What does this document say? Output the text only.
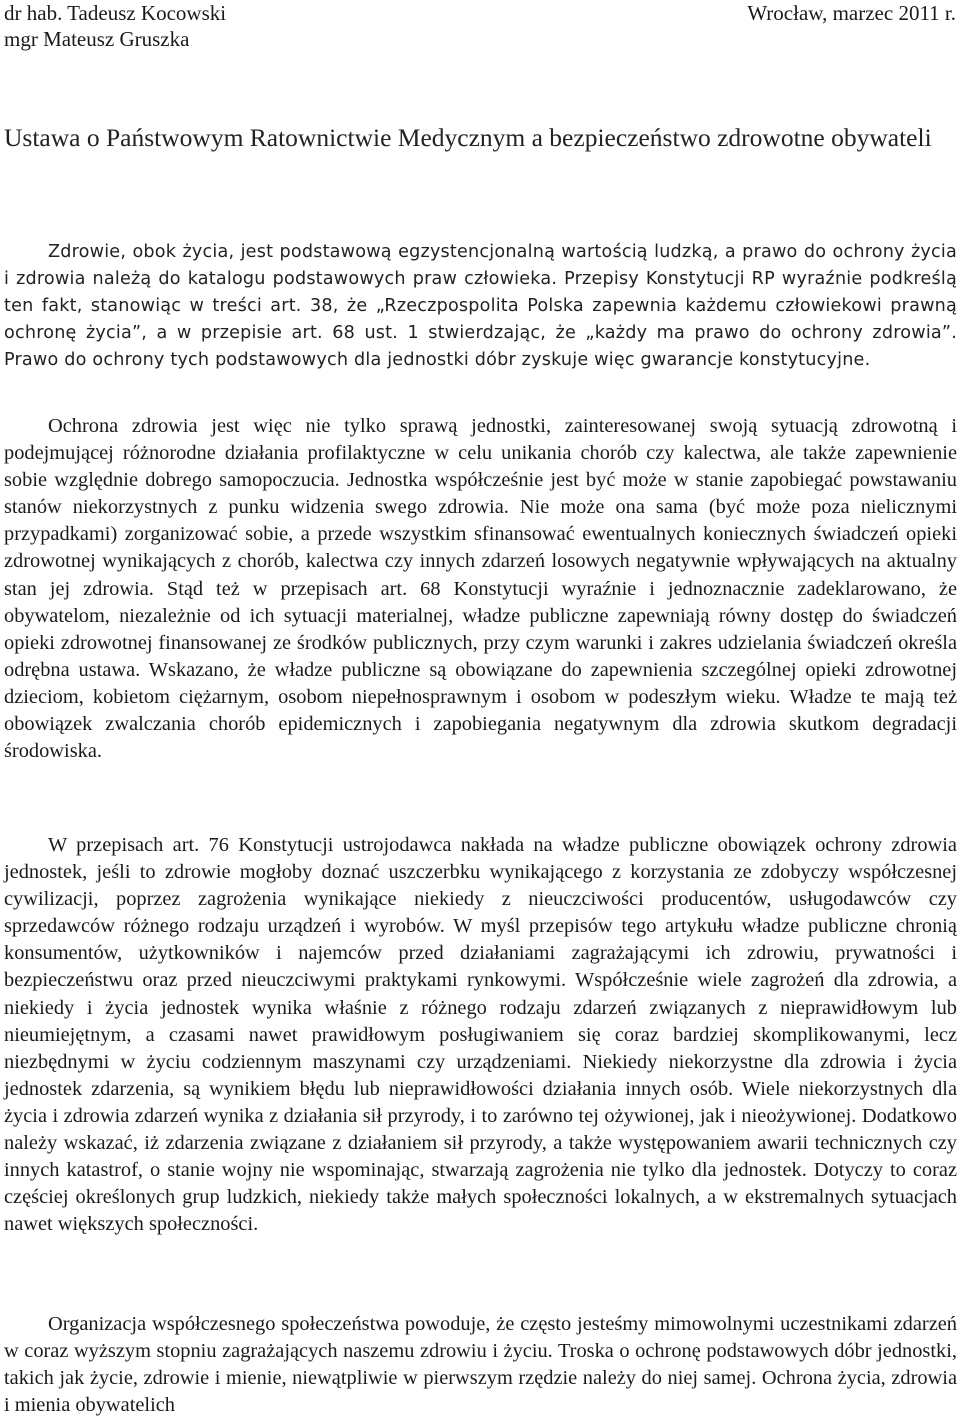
dr hab. Tadeusz Kocowski
mgr Mateusz Gruszka
Wrocław, marzec 2011 r.
Ustawa o Państwowym Ratownictwie Medycznym a bezpieczeństwo zdrowotne obywateli
Zdrowie, obok życia, jest podstawową egzystencjonalną wartością ludzką, a prawo do ochrony życia i zdrowia należą do katalogu podstawowych praw człowieka. Przepisy Konstytucji RP wyraźnie podkreślą ten fakt, stanowiąc w treści art. 38, że „Rzeczpospolita Polska zapewnia każdemu człowiekowi prawną ochronę życia”, a w przepisie art. 68 ust. 1 stwierdzając, że „każdy ma prawo do ochrony zdrowia”. Prawo do ochrony tych podstawowych dla jednostki dóbr zyskuje więc gwarancje konstytucyjne.
Ochrona zdrowia jest więc nie tylko sprawą jednostki, zainteresowanej swoją sytuacją zdrowotną i podejmującej różnorodne działania profilaktyczne w celu unikania chorób czy kalectwa, ale także zapewnienie sobie względnie dobrego samopoczucia. Jednostka współcześnie jest być może w stanie zapobiegać powstawaniu stanów niekorzystnych z punku widzenia swego zdrowia. Nie może ona sama (być może poza nielicznymi przypadkami) zorganizować sobie, a przede wszystkim sfinansować ewentualnych koniecznych świadczeń opieki zdrowotnej wynikających z chorób, kalectwa czy innych zdarzeń losowych negatywnie wpływających na aktualny stan jej zdrowia. Stąd też w przepisach art. 68 Konstytucji wyraźnie i jednoznacznie zadeklarowano, że obywatelom, niezależnie od ich sytuacji materialnej, władze publiczne zapewniają równy dostęp do świadczeń opieki zdrowotnej finansowanej ze środków publicznych, przy czym warunki i zakres udzielania świadczeń określa odrębna ustawa. Wskazano, że władze publiczne są obowiązane do zapewnienia szczególnej opieki zdrowotnej dzieciom, kobietom ciężarnym, osobom niepełnosprawnym i osobom w podeszłym wieku. Władze te mają też obowiązek zwalczania chorób epidemicznych i zapobiegania negatywnym dla zdrowia skutkom degradacji środowiska.
W przepisach art. 76 Konstytucji ustrojodawca nakłada na władze publiczne obowiązek ochrony zdrowia jednostek, jeśli to zdrowie mogłoby doznać uszczerbku wynikającego z korzystania ze zdobyczy współczesnej cywilizacji, poprzez zagrożenia wynikające niekiedy z nieuczciwości producentów, usługodawców czy sprzedawców różnego rodzaju urządzeń i wyrobów. W myśl przepisów tego artykułu władze publiczne chronią konsumentów, użytkowników i najemców przed działaniami zagrażającymi ich zdrowiu, prywatności i bezpieczeństwu oraz przed nieuczciwymi praktykami rynkowymi. Współcześnie wiele zagrożeń dla zdrowia, a niekiedy i życia jednostek wynika właśnie z różnego rodzaju zdarzeń związanych z nieprawidłowym lub nieumiejętnym, a czasami nawet prawidłowym posługiwaniem się coraz bardziej skomplikowanymi, lecz niezbędnymi w życiu codziennym maszynami czy urządzeniami. Niekiedy niekorzystne dla zdrowia i życia jednostek zdarzenia, są wynikiem błędu lub nieprawidłowości działania innych osób. Wiele niekorzystnych dla życia i zdrowia zdarzeń wynika z działania sił przyrody, i to zarówno tej ożywionej, jak i nieożywionej. Dodatkowo należy wskazać, iż zdarzenia związane z działaniem sił przyrody, a także występowaniem awarii technicznych czy innych katastrof, o stanie wojny nie wspominając, stwarzają zagrożenia nie tylko dla jednostek. Dotyczy to coraz częściej określonych grup ludzkich, niekiedy także małych społeczności lokalnych, a w ekstremalnych sytuacjach nawet większych społeczności.
Organizacja współczesnego społeczeństwa powoduje, że często jesteśmy mimowolnymi uczestnikami zdarzeń w coraz wyższym stopniu zagrażających naszemu zdrowiu i życiu. Troska o ochronę podstawowych dóbr jednostki, takich jak życie, zdrowie i mienie, niewątpliwie w pierwszym rzędzie należy do niej samej. Ochrona życia, zdrowia i mienia obywatelich
